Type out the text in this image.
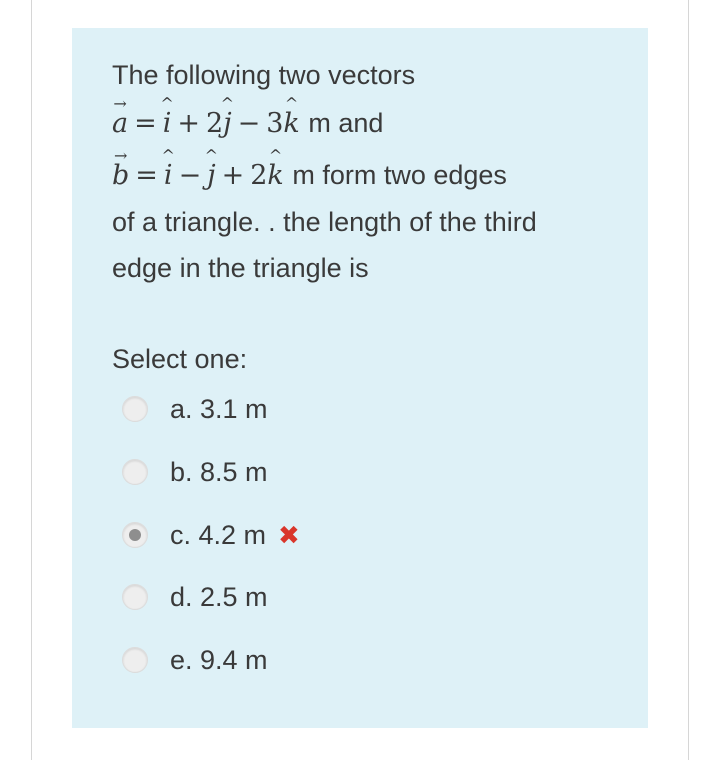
The following two vectors
→
a =
^
i + 2
^
j − 3
^
k m and
→
b =
^
i −
^
j + 2
^
k m form two edges
of a triangle. . the length of the third
edge in the triangle is
Select one:
a. 3.1 m
b. 8.5 m
c. 4.2 m ✖
d. 2.5 m
e. 9.4 m
